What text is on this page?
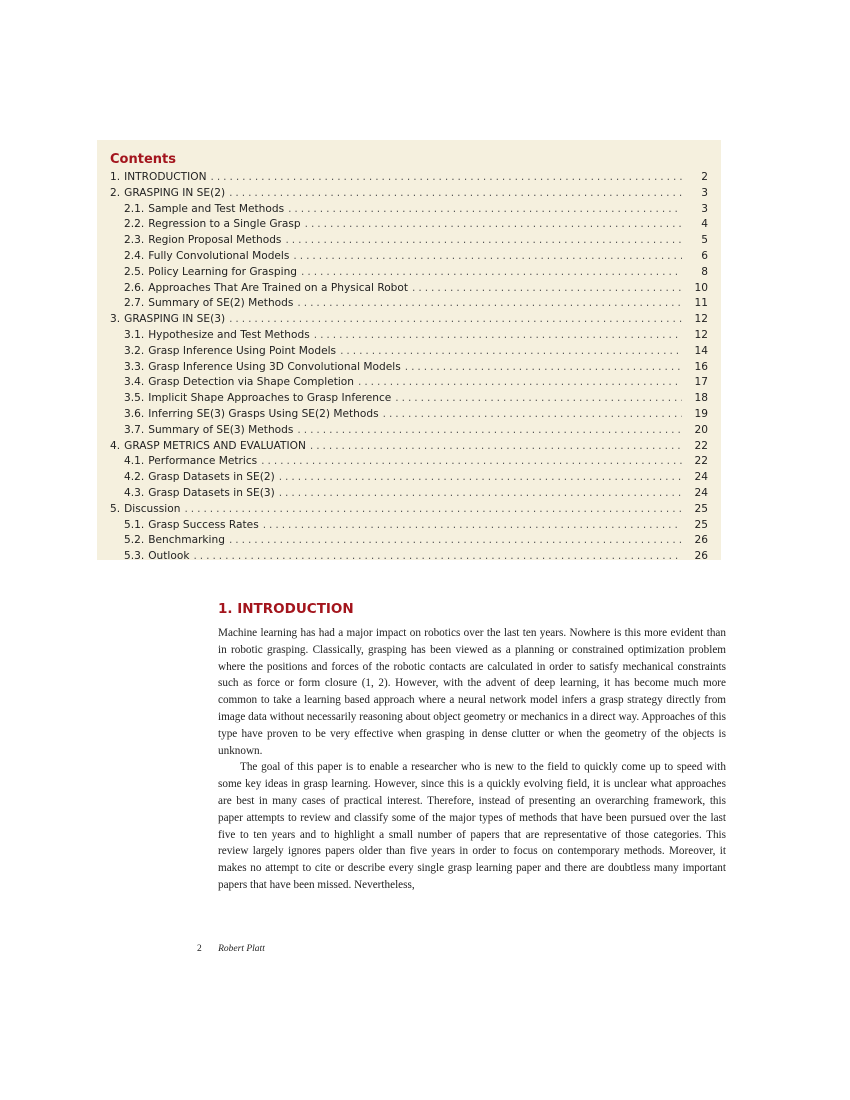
Contents
1. INTRODUCTION . . .	2
2. GRASPING IN SE(2) . . .	3
2.1. Sample and Test Methods . . .	3
2.2. Regression to a Single Grasp . . .	4
2.3. Region Proposal Methods . . .	5
2.4. Fully Convolutional Models . . .	6
2.5. Policy Learning for Grasping . . .	8
2.6. Approaches That Are Trained on a Physical Robot . . .	10
2.7. Summary of SE(2) Methods . . .	11
3. GRASPING IN SE(3) . . .	12
3.1. Hypothesize and Test Methods . . .	12
3.2. Grasp Inference Using Point Models . . .	14
3.3. Grasp Inference Using 3D Convolutional Models . . .	16
3.4. Grasp Detection via Shape Completion . . .	17
3.5. Implicit Shape Approaches to Grasp Inference . . .	18
3.6. Inferring SE(3) Grasps Using SE(2) Methods . . .	19
3.7. Summary of SE(3) Methods . . .	20
4. GRASP METRICS AND EVALUATION . . .	22
4.1. Performance Metrics . . .	22
4.2. Grasp Datasets in SE(2) . . .	24
4.3. Grasp Datasets in SE(3) . . .	24
5. Discussion . . .	25
5.1. Grasp Success Rates . . .	25
5.2. Benchmarking . . .	26
5.3. Outlook . . .	26
1. INTRODUCTION

Machine learning has had a major impact on robotics over the last ten years. Nowhere is this more evident than in robotic grasping. Classically, grasping has been viewed as a planning or constrained optimization problem where the positions and forces of the robotic contacts are calculated in order to satisfy mechanical constraints such as force or form closure (1, 2). However, with the advent of deep learning, it has become much more common to take a learning based approach where a neural network model infers a grasp strategy directly from image data without necessarily reasoning about object geometry or mechanics in a direct way. Approaches of this type have proven to be very effective when grasping in dense clutter or when the geometry of the objects is unknown.

The goal of this paper is to enable a researcher who is new to the field to quickly come up to speed with some key ideas in grasp learning. However, since this is a quickly evolving field, it is unclear what approaches are best in many cases of practical interest. Therefore, instead of presenting an overarching framework, this paper attempts to review and classify some of the major types of methods that have been pursued over the last five to ten years and to highlight a small number of papers that are representative of those categories. This review largely ignores papers older than five years in order to focus on contemporary methods. Moreover, it makes no attempt to cite or describe every single grasp learning paper and there are doubtless many important papers that have been missed. Nevertheless,

2 Robert Platt
